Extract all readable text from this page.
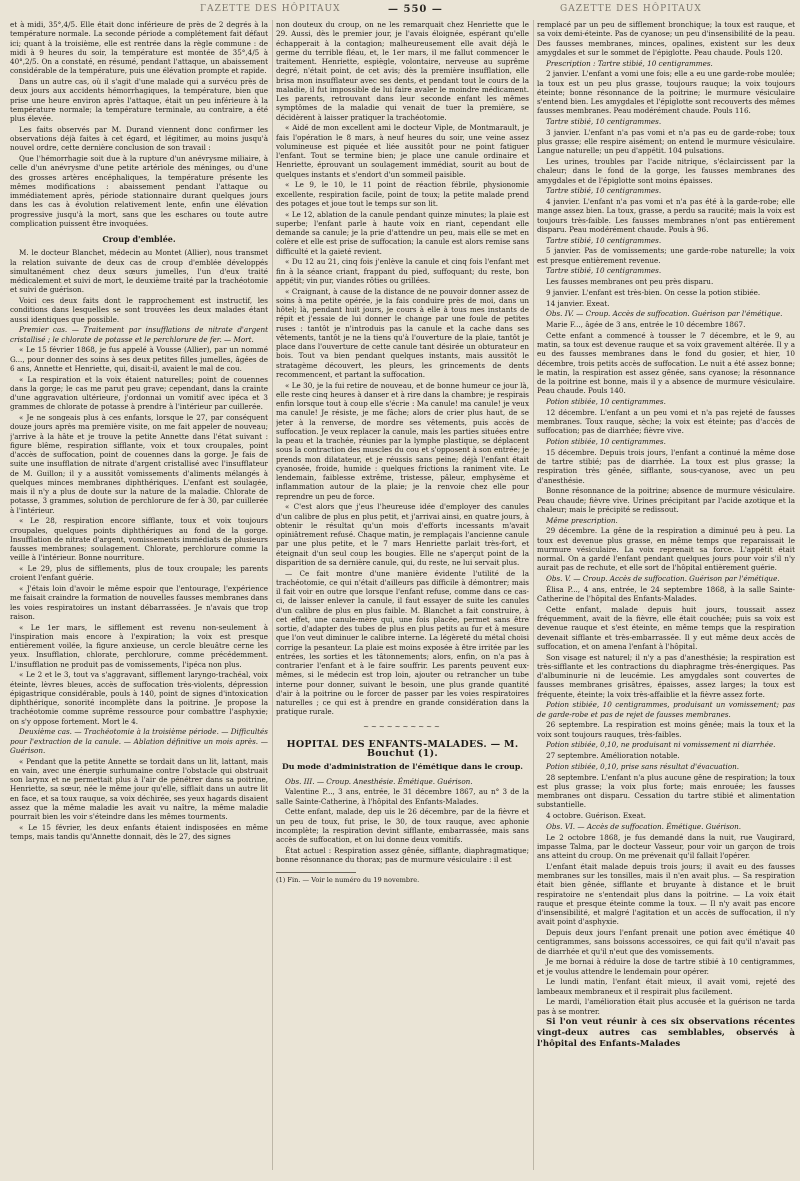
ГAZETTE DES HÔPITAUX	— 550 —	GAZETTE DES HÔPITAUX

et à midi, 35°,4/5. Elle était donc inférieure de près de 2 degrés à la température normale. La seconde période a complétement fait défaut ici; quant à la troisième, elle est rentrée dans la règle commune : de midi à 9 heures du soir, la température est montée de 35°,4/5 à 40°,2/5. On a constaté, en résumé, pendant l'attaque, un abaissement considérable de la température, puis une élévation prompte et rapide.

Dans un autre cas, où il s'agit d'une malade qui a survécu près de deux jours aux accidents hémorrhagiques, la température, bien que prise une heure environ après l'attaque, était un peu inférieure à la température normale; la température terminale, au contraire, a été plus élevée.

Les faits observés par M. Durand viennent donc confirmer les observations déjà faites à cet égard, et légitimer, au moins jusqu'à nouvel ordre, cette dernière conclusion de son travail :

Que l'hémorrhagie soit due à la rupture d'un anévrysme miliaire, à celle d'un anévrysme d'une petite artériole des méninges, ou d'une des grosses artères encéphaliques, la température présente les mêmes modifications : abaissement pendant l'attaque ou immédiatement après, période stationnaire durant quelques jours dans les cas à évolution relativement lente, enfin une élévation progressive jusqu'à la mort, sans que les eschares ou toute autre complication puissent être invoquées.

Croup d'emblée.

M. le docteur Blanchet, médecin au Montet (Allier), nous transmet la relation suivante de deux cas de croup d'emblée développés simultanément chez deux sœurs jumelles, l'un d'eux traité médicalement et suivi de mort, le deuxième traité par la trachéotomie et suivi de guérison.

Voici ces deux faits dont le rapprochement est instructif, les conditions dans lesquelles se sont trouvées les deux malades étant aussi identiques que possible.

Premier cas. — Traitement par insufflations de nitrate d'argent cristallisé ; le chlorate de potasse et le perchlorure de fer. — Mort.

« Le 15 février 1868, je fus appelé à Vousse (Allier), par un nommé G..., pour donner des soins à ses deux petites filles jumelles, âgées de 6 ans, Annette et Henriette, qui, disait-il, avaient le mal de cou.

« La respiration et la voix étaient naturelles; point de couennes dans la gorge; le cas me parut peu grave; cependant, dans la crainte d'une aggravation ultérieure, j'ordonnai un vomitif avec ipéca et 3 grammes de chlorate de potasse à prendre à l'intérieur par cuillerée.

« Je ne songeais plus à ces enfants, lorsque le 27, par conséquent douze jours après ma première visite, on me fait appeler de nouveau; j'arrive à la hâte et je trouve la petite Annette dans l'état suivant : figure blême, respiration sifflante, voix et toux croupales, point d'accès de suffocation, point de couennes dans la gorge. Je fais de suite une insufflation de nitrate d'argent cristallisé avec l'insufflateur de M. Guillon; il y a aussitôt vomissements d'aliments mélangés à quelques minces membranes diphthériques. L'enfant est soulagée, mais il n'y a plus de doute sur la nature de la maladie. Chlorate de potasse, 3 grammes, solution de perchlorure de fer à 30, par cuillerée à l'intérieur.

« Le 28, respiration encore sifflante, toux et voix toujours croupales, quelques points diphthériques au fond de la gorge. Insufflation de nitrate d'argent, vomissements immédiats de plusieurs fausses membranes; soulagement. Chlorate, perchlorure comme la veille à l'intérieur. Bonne nourriture.

« Le 29, plus de sifflements, plus de toux croupale; les parents croient l'enfant guérie.

« J'étais loin d'avoir le même espoir que l'entourage, l'expérience me faisait craindre la formation de nouvelles fausses membranes dans les voies respiratoires un instant débarrassées. Je n'avais que trop raison.

« Le 1er mars, le sifflement est revenu non-seulement à l'inspiration mais encore à l'expiration; la voix est presque entièrement voilée, la figure anxieuse, un cercle bleuâtre cerne les yeux. Insufflation, chlorate, perchlorure, comme précédemment. L'insufflation ne produit pas de vomissements, l'ipéca non plus.

« Le 2 et le 3, tout va s'aggravant, sifflement laryngo-trachéal, voix éteinte, lèvres bleues, accès de suffocation très-violents, dépression épigastrique considérable, pouls à 140, point de signes d'intoxication diphthérique, sonorité incomplète dans la poitrine. Je propose la trachéotomie comme suprême ressource pour combattre l'asphyxie; on s'y oppose fortement. Mort le 4.

Deuxième cas. — Trachéotomie à la troisième période. — Difficultés pour l'extraction de la canule. — Ablation définitive un mois après. — Guérison.

« Pendant que la petite Annette se tordait dans un lit, lattant, mais en vain, avec une énergie surhumaine contre l'obstacle qui obstruait son larynx et ne permettait plus à l'air de pénétrer dans sa poitrine, Henriette, sa sœur, née le même jour qu'elle, sifflait dans un autre lit en face, et sa toux rauque, sa voix déchirée, ses yeux hagards disaient assez que la même maladie les avait vu naître, la même maladie pourrait bien les voir s'éteindre dans les mêmes tourments.

« Le 15 février, les deux enfants étaient indisposées en même temps, mais tandis qu'Annette donnait, dès le 27, des signes

non douteux du croup, on ne les remarquait chez Henriette que le 29. Aussi, dès le premier jour, je l'avais éloignée, espérant qu'elle échapperait à la contagion; malheureusement elle avait déjà le germe du terrible fléau, et, le 1er mars, il me fallut commencer le traitement. Henriette, espiègle, volontaire, nerveuse au suprême degré, n'était point, de cet avis; dès la première insufflation, elle brisa mon insufflateur avec ses dents, et pendant tout le cours de la maladie, il fut impossible de lui faire avaler le moindre médicament. Les parents, retrouvant dans leur seconde enfant les mêmes symptômes de la maladie qui venait de tuer la première, se décidèrent à laisser pratiquer la trachéotomie.

« Aidé de mon excellent ami le docteur Viple, de Montmarault, je fais l'opération le 8 mars, à neuf heures du soir, une veine assez volumineuse est piquée et liée aussitôt pour ne point fatiguer l'enfant. Tout se termine bien; je place une canule ordinaire et Henriette, éprouvant un soulagement immédiat, sourit au bout de quelques instants et s'endort d'un sommeil paisible.

« Le 9, le 10, le 11 point de réaction fébrile, physionomie excellente, respiration facile, point de toux; la petite malade prend des potages et joue tout le temps sur son lit.

« Le 12, ablation de la canule pendant quinze minutes; la plaie est superbe; l'enfant parle à haute voix en riant, cependant elle demande sa canule; je la prie d'attendre un peu, mais elle se met en colère et elle est prise de suffocation; la canule est alors remise sans difficulté et la gaieté revient.

« Du 12 au 21, cinq fois j'enlève la canule et cinq fois l'enfant met fin à la séance criant, frappant du pied, suffoquant; du reste, bon appétit; vin pur, viandes rôties ou grillées.

« Craignant, à cause de la distance de ne pouvoir donner assez de soins à ma petite opérée, je la fais conduire près de moi, dans un hôtel; là, pendant huit jours, je cours à elle à tous mes instants de répit et j'essaie de lui donner le change par une foule de petites ruses : tantôt je n'introduis pas la canule et la cache dans ses vêtements, tantôt je ne la tiens qu'à l'ouverture de la plaie, tantôt je place dans l'ouverture de cette canule tant désirée un obturateur en bois. Tout va bien pendant quelques instants, mais aussitôt le stratagème découvert, les pleurs, les grincements de dents recommencent, et partant la suffocation.

« Le 30, je la fui retire de nouveau, et de bonne humeur ce jour là, elle reste cinq heures à danser et à rire dans la chambre; je respirais enfin lorsque tout à coup elle s'écrie : Ma canule! ma canule! je veux ma canule! Je résiste, je me fâche; alors de crier plus haut, de se jeter à la renverse, de mordre ses vêtements, puis accès de suffocation. Je veux replacer la canule, mais les parties situées entre la peau et la trachée, réunies par la lymphe plastique, se déplacent sous la contraction des muscles du cou et s'opposent à son entrée; je prends mon dilatateur, et je réussis sans peine; déjà l'enfant était cyanosée, froide, humide : quelques frictions la raniment vite. Le lendemain, faiblesse extrême, tristesse, pâleur, emphysème et inflammation autour de la plaie; je la renvoie chez elle pour reprendre un peu de force.

« C'est alors que j'eus l'heureuse idée d'employer des canules d'un calibre de plus en plus petit, et j'arrivai ainsi, en quatre jours, à obtenir le résultat qu'un mois d'efforts incessants m'avait opiniâtrement refusé. Chaque matin, je remplaçais l'ancienne canule par une plus petite, et le 7 mars Henriette parlait très-fort, et éteignait d'un seul coup les bougies. Elle ne s'aperçut point de la disparition de sa dernière canule, qui, du reste, ne lui servait plus.

— Ce fait montre d'une manière évidente l'utilité de la trachéotomie, ce qui n'était d'ailleurs pas difficile à démontrer; mais il fait voir en outre que lorsque l'enfant refuse, comme dans ce cas-ci, de laisser enlever la canule, il faut essayer de suite les canules d'un calibre de plus en plus faible. M. Blanchet a fait construire, à cet effet, une canule-mère qui, une fois placée, permet sans être sortie, d'adapter des tubes de plus en plus petits au fur et à mesure que l'on veut diminuer le calibre interne. La légèreté du métal choisi corrige la pesanteur. La plaie est moins exposée à être irritée par les entrées, les sorties et les tâtonnements; alors, enfin, on n'a pas à contrarier l'enfant et à le faire souffrir. Les parents peuvent eux-mêmes, si le médecin est trop loin, ajouter ou retrancher un tube interne pour donner, suivant le besoin, une plus grande quantité d'air à la poitrine ou le forcer de passer par les voies respiratoires naturelles ; ce qui est à prendre en grande considération dans la pratique rurale.

~~~~~~~~~~
HOPITAL DES ENFANTS-MALADES. — M. Bouchut (1).
Du mode d'administration de l'émétique dans le croup.

Obs. III. — Croup. Anesthésie. Émétique. Guérison.

Valentine P..., 3 ans, entrée, le 31 décembre 1867, au n° 3 de la salle Sainte-Catherine, à l'hôpital des Enfants-Malades.

Cette enfant, malade, dep uis le 26 décembre, par de la fièvre et un peu de toux, fut prise, le 30, de toux rauque, avec aphonie incomplète; la respiration devint sifflante, embarrassée, mais sans accès de suffocation, et on lui donne deux vomitifs.

État actuel : Respiration assez gênée, sifflante, diaphragmatique; bonne résonnance du thorax; pas de murmure vésiculaire : il est

(1) Fin. — Voir le numéro du 19 novembre.

remplacé par un peu de sifflement bronchique; la toux est rauque, et sa voix demi-éteinte. Pas de cyanose; un peu d'insensibilité de la peau. Des fausses membranes, minces, opalines, existent sur les deux amygdales et sur le sommet de l'épiglotte. Peau chaude. Pouls 120.

Prescription : Tartre stibié, 10 centigrammes.

2 janvier. L'enfant a vomi une fois; elle a eu une garde-robe moulée; la toux est un peu plus grasse, toujours rauque; la voix toujours éteinte; bonne résonnance de la poitrine; le murmure vésiculaire s'entend bien. Les amygdales et l'épiglotte sont recouverts des mêmes fausses membranes. Peau modérément chaude. Pouls 116.

Tartre stibié, 10 centigrammes.

3 janvier. L'enfant n'a pas vomi et n'a pas eu de garde-robe; toux plus grasse; elle respire aisément; on entend le murmure vésiculaire. Langue naturelle; un peu d'appétit. 104 pulsations.

Les urines, troubles par l'acide nitrique, s'éclaircissent par la chaleur; dans le fond de la gorge, les fausses membranes des amygdales et de l'épiglotte sont moins épaisses.

Tartre stibié, 10 centigrammes.

4 janvier. L'enfant n'a pas vomi et n'a pas été à la garde-robe; elle mange assez bien. La toux, grasse, a perdu sa raucité; mais la voix est toujours très-faible. Les fausses membranes n'ont pas entièrement disparu. Peau modérément chaude. Pouls à 96.

Tartre stibié, 10 centigrammes.

5 janvier. Pas de vomissements; une garde-robe naturelle; la voix est presque entièrement revenue.

Tartre stibié, 10 centigrammes.

Les fausses membranes ont peu près disparu.

9 janvier. L'enfant est très-bien. On cesse la potion stibiée.

14 janvier. Exeat.

Obs. IV. — Croup. Accès de suffocation. Guérison par l'émétique.

Marie F..., âgée de 3 ans, entrée le 10 décembre 1867.

Cette enfant a commencé à tousser le 7 décembre, et le 9, au matin, sa toux est devenue rauque et sa voix gravement altérée. Il y a eu des fausses membranes dans le fond du gosier, et hier, 10 décembre, trois petits accès de suffocation. Le nuit a été assez bonne; le matin, la respiration est assez gênée, sans cyanose; la résonnance de la poitrine est bonne, mais il y a absence de murmure vésiculaire. Peau chaude. Pouls 140.

Potion stibiée, 10 centigrammes.

12 décembre. L'enfant a un peu vomi et n'a pas rejeté de fausses membranes. Toux rauque, sèche; la voix est éteinte; pas d'accès de suffocation; pas de diarrhée; fièvre vive.

Potion stibiée, 10 centigrammes.

15 décembre. Depuis trois jours, l'enfant a continué la même dose de tartre stibié; pas de diarrhée. La toux est plus grasse; la respiration très gênée, sifflante, sous-cyanose, avec un peu d'anesthésie.

Bonne résonnance de la poitrine; absence de murmure vésiculaire. Peau chaude; fièvre vive. Urines précipitant par l'acide azotique et la chaleur; mais le précipité se redissout.

Même prescription.

29 décembre. La gêne de la respiration a diminué peu à peu. La toux est devenue plus grasse, en même temps que reparaissait le murmure vésiculaire. La voix reprenait sa force. L'appétit était normal. On a gardé l'enfant pendant quelques jours pour voir s'il n'y aurait pas de rechute, et elle sort de l'hôpital entièrement guérie.

Obs. V. — Croup. Accès de suffocation. Guérison par l'émétique.

Élisa P..., 4 ans, entrée, le 24 septembre 1868, à la salle Sainte-Catherine de l'hôpital des Enfants-Malades.

Cette enfant, malade depuis huit jours, toussait assez fréquemment, avait de la fièvre, elle était couchée; puis sa voix est devenue rauque et s'est éteinte, en même temps que la respiration devenait sifflante et très-embarrassée. Il y eut même deux accès de suffocation, et on amena l'enfant à l'hôpital.

Son visage est naturel; il n'y a pas d'anesthésie; la respiration est très-sifflante et les contractions du diaphragme très-énergiques. Pas d'albuminurie ni de leucémie. Les amygdales sont couvertes de fausses membranes grisâtres, épaisses, assez larges; la toux est fréquente, éteinte; la voix très-affaiblie et la fièvre assez forte.

Potion stibiée, 10 centigrammes, produisant un vomissement; pas de garde-robe et pas de rejet de fausses membranes.

26 septembre. La respiration est moins gênée; mais la toux et la voix sont toujours rauques, très-faibles.

Potion stibiée, 0,10, ne produisant ni vomissement ni diarrhée.

27 septembre. Amélioration notable.

Potion stibiée, 0,10, prise sans résultat d'évacuation.

28 septembre. L'enfant n'a plus aucune gêne de respiration; la toux est plus grasse; la voix plus forte; mais enrouée; les fausses membranes ont disparu. Cessation du tartre stibié et alimentation substantielle.

4 octobre. Guérison. Exeat.

Obs. VI. — Accès de suffocation. Émétique. Guérison.

Le 2 octobre 1868, je fus demandé dans la nuit, rue Vaugirard, impasse Talma, par le docteur Vasseur, pour voir un garçon de trois ans atteint du croup. On me prévenait qu'il fallait l'opérer.

L'enfant était malade depuis trois jours; il avait eu des fausses membranes sur les tonsilles, mais il n'en avait plus. — Sa respiration était bien gênée, sifflante et bruyante à distance et le bruit respiratoire ne s'entendait plus dans la poitrine. — La voix était rauque et presque éteinte comme la toux. — Il n'y avait pas encore d'insensibilité, et malgré l'agitation et un accès de suffocation, il n'y avait point d'asphyxie.

Depuis deux jours l'enfant prenait une potion avec émétique 40 centigrammes, sans boissons accessoires, ce qui fait qu'il n'avait pas de diarrhée et qu'il n'eut que des vomissements.

Je me bornai à réduire la dose de tartre stibié à 10 centigrammes, et je voulus attendre le lendemain pour opérer.

Le lundi matin, l'enfant était mieux, il avait vomi, rejeté des lambeaux membraneux et il respirait plus facilement.

Le mardi, l'amélioration était plus accusée et la guérison ne tarda pas à se montrer.

Si l'on veut réunir à ces six observations récentes vingt-deux autres cas semblables, observés à l'hôpital des Enfants-Malades
